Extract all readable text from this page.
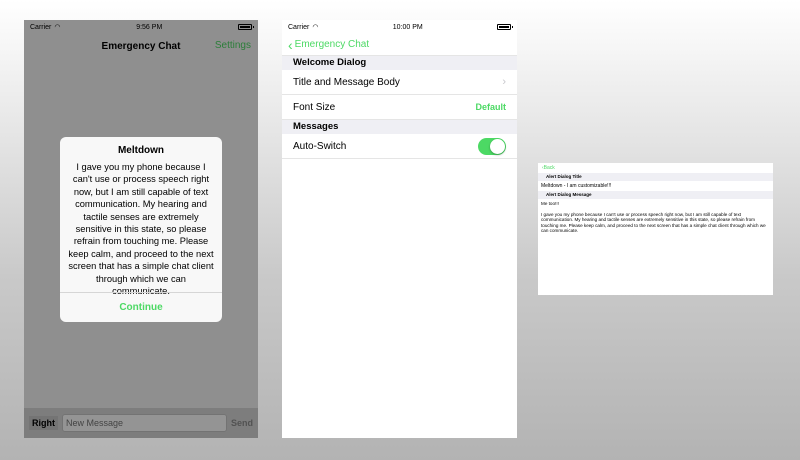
Carrier ◠	9:56 PM
Emergency Chat	Settings
Right
New Message	Send
Meltdown
I gave you my phone because I can't use or process speech right now, but I am still capable of text communication. My hearing and tactile senses are extremely sensitive in this state, so please refrain from touching me. Please keep calm, and proceed to the next screen that has a simple chat client through which we can
Continue
Carrier ◠	10:00 PM
‹ Emergency Chat
Welcome Dialog
Title and Message Body	›
Font Size	Default
Messages
Auto-Switch
‹ Back
Alert Dialog Title
Meltdown - I am customizable!!!
Alert Dialog Message
Me too!!!
I gave you my phone because I can't use or process speech right now, but I am still capable of text communication. My hearing and tactile senses are extremely sensitive in this state, so please refrain from touching me. Please keep calm, and proceed to the next screen that has a simple chat client through which we can communicate.
